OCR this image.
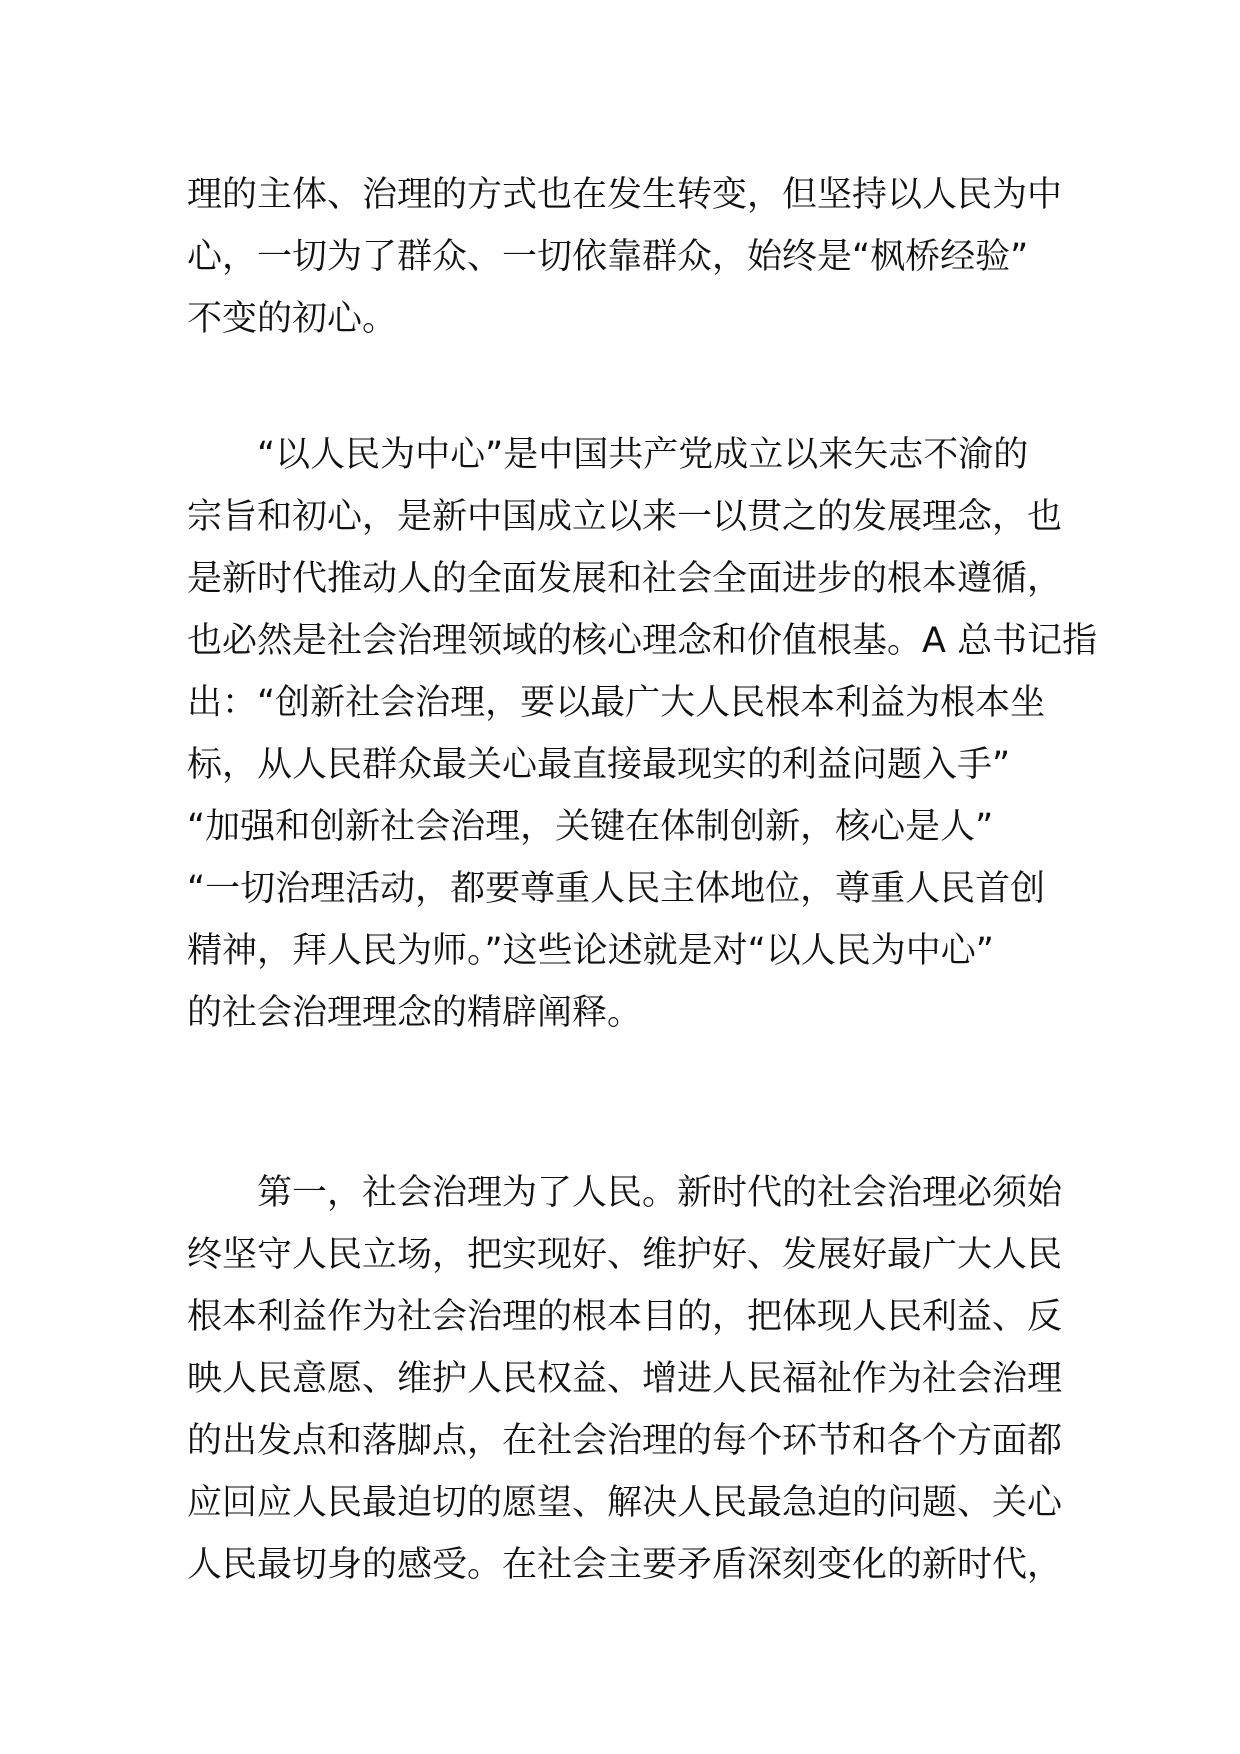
理的主体、治理的方式也在发生转变，但坚持以人民为中
心，一切为了群众、一切依靠群众，始终是“枫桥经验”
不变的初心。
“以人民为中心”是中国共产党成立以来矢志不渝的
宗旨和初心，是新中国成立以来一以贯之的发展理念，也
是新时代推动人的全面发展和社会全面进步的根本遵循，
也必然是社会治理领域的核心理念和价值根基。A 总书记指
出：“创新社会治理，要以最广大人民根本利益为根本坐
标，从人民群众最关心最直接最现实的利益问题入手”
“加强和创新社会治理，关键在体制创新，核心是人”
“一切治理活动，都要尊重人民主体地位，尊重人民首创
精神，拜人民为师。”这些论述就是对“以人民为中心”
的社会治理理念的精辟阐释。
第一，社会治理为了人民。新时代的社会治理必须始
终坚守人民立场，把实现好、维护好、发展好最广大人民
根本利益作为社会治理的根本目的，把体现人民利益、反
映人民意愿、维护人民权益、增进人民福祉作为社会治理
的出发点和落脚点，在社会治理的每个环节和各个方面都
应回应人民最迫切的愿望、解决人民最急迫的问题、关心
人民最切身的感受。在社会主要矛盾深刻变化的新时代，
